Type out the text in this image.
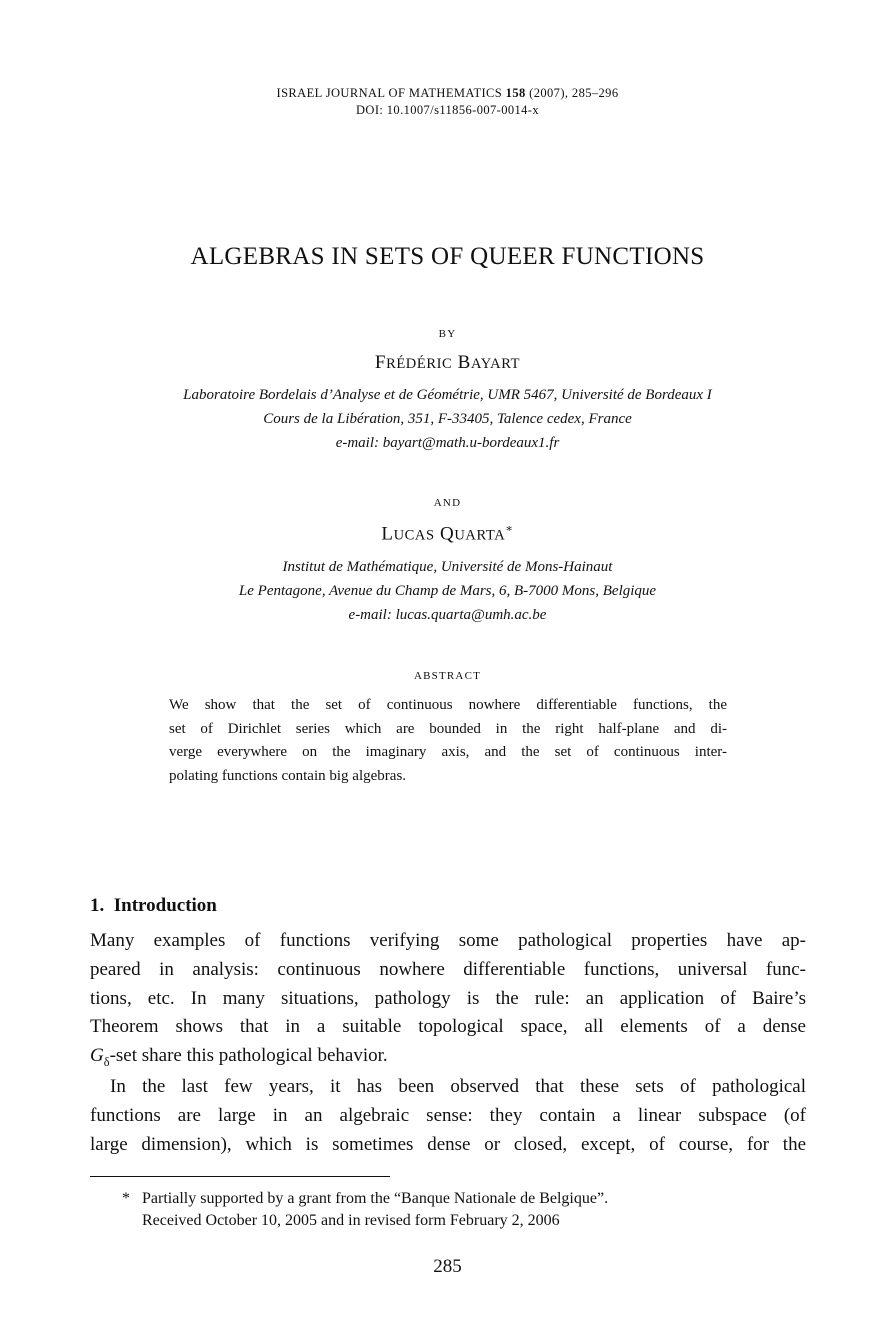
ISRAEL JOURNAL OF MATHEMATICS 158 (2007), 285–296
DOI: 10.1007/s11856-007-0014-x
ALGEBRAS IN SETS OF QUEER FUNCTIONS
BY
FRÉDÉRIC BAYART
Laboratoire Bordelais d’Analyse et de Géométrie, UMR 5467, Université de Bordeaux I
Cours de la Libération, 351, F-33405, Talence cedex, France
e-mail: bayart@math.u-bordeaux1.fr
AND
LUCAS QUARTA∗
Institut de Mathématique, Université de Mons-Hainaut
Le Pentagone, Avenue du Champ de Mars, 6, B-7000 Mons, Belgique
e-mail: lucas.quarta@umh.ac.be
ABSTRACT
We show that the set of continuous nowhere differentiable functions, the
set of Dirichlet series which are bounded in the right half-plane and di-
verge everywhere on the imaginary axis, and the set of continuous inter-
polating functions contain big algebras.
1. Introduction
Many examples of functions verifying some pathological properties have ap-
peared in analysis: continuous nowhere differentiable functions, universal func-
tions, etc. In many situations, pathology is the rule: an application of Baire’s
Theorem shows that in a suitable topological space, all elements of a dense
$G_\delta$-set share this pathological behavior.
In the last few years, it has been observed that these sets of pathological
functions are large in an algebraic sense: they contain a linear subspace (of
large dimension), which is sometimes dense or closed, except, of course, for the
* Partially supported by a grant from the “Banque Nationale de Belgique”.
Received October 10, 2005 and in revised form February 2, 2006
285
